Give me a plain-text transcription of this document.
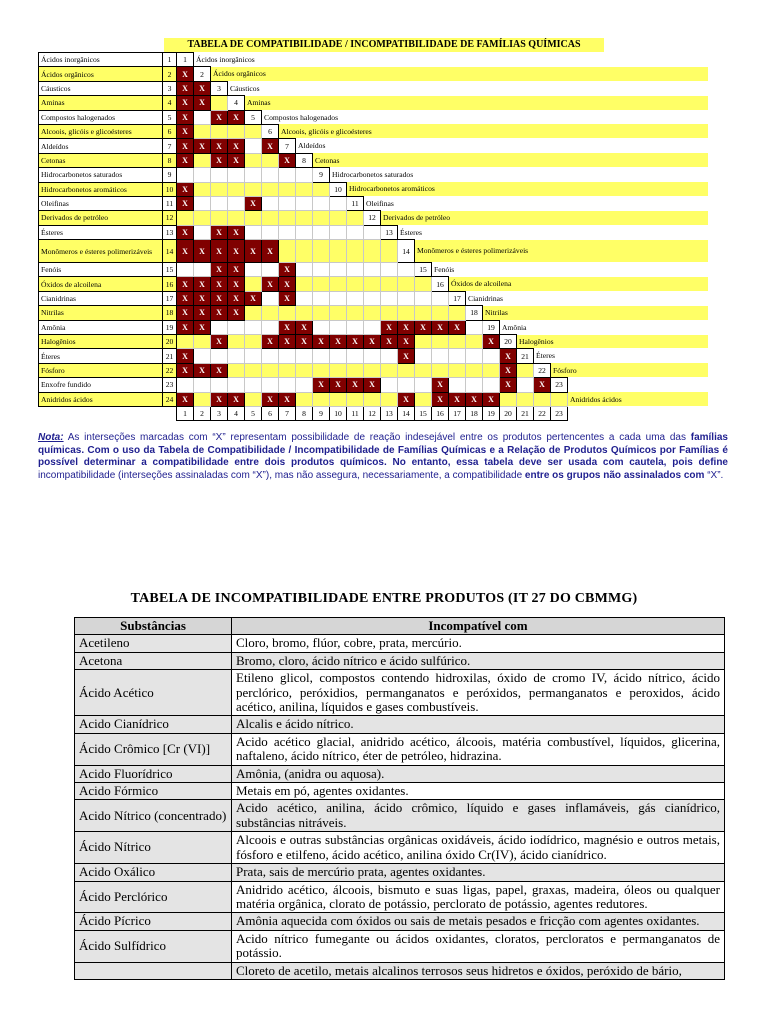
TABELA DE COMPATIBILIDADE / INCOMPATIBILIDADE DE FAMÍLIAS QUÍMICAS
Ácidos inorgânicos	1	1	Ácidos inorgânicos																						
Ácidos orgânicos	2	X	2	Ácidos orgânicos																					
Cáusticos	3	X	X	3	Cáusticos																				
Aminas	4	X	X		4	Aminas																			
Compostos halogenados	5	X		X	X	5	Compostos halogenados																		
Alcoois, glicóis e glicoésteres	6	X					6	Alcoois, glicóis e glicoésteres																	
Aldeídos	7	X	X	X	X		X	7	Aldeídos																
Cetonas	8	X		X	X			X	8	Cetonas															
Hidrocarbonetos saturados	9									9	Hidrocarbonetos saturados														
Hidrocarbonetos aromáticos	10	X									10	Hidrocarbonetos aromáticos													
Oleifinas	11	X				X						11	Oleifinas												
Derivados de petróleo	12												12	Derivados de petróleo											
Ésteres	13	X		X	X									13	Ésteres										
Monômeros e ésteres polimerizáveis	14	X	X	X	X	X	X								14	Monômeros e ésteres polimerizáveis									
Fenóis	15			X	X			X								15	Fenóis								
Óxidos de alcoilena	16	X	X	X	X		X	X									16	Óxidos de alcoilena							
Cianidrinas	17	X	X	X	X	X		X										17	Cianidrinas						
Nitrilas	18	X	X	X	X														18	Nitrilas					
Amônia	19	X	X					X	X					X	X	X	X	X		19	Amônia				
Halogênios	20			X			X	X	X	X	X	X	X	X	X					X	20	Halogênios			
Éteres	21	X													X						X	21	Éteres		
Fósforo	22	X	X	X																	X		22	Fósforo	
Enxofre fundido	23									X	X	X	X				X				X		X	23	
Anidridos ácidos	24	X		X	X		X	X							X		X	X	X	X					Anidridos ácidos
		1	2	3	4	5	6	7	8	9	10	11	12	13	14	15	16	17	18	19	20	21	22	23	
Nota: As interseções marcadas com “X” representam possibilidade de reação indesejável entre os produtos pertencentes a cada uma das famílias químicas. Com o uso da Tabela de Compatibilidade / Incompatibilidade de Famílias Químicas e a Relação de Produtos Químicos por Famílias é possível determinar a compatibilidade entre dois produtos químicos. No entanto, essa tabela deve ser usada com cautela, pois define incompatibilidade (interseções assinaladas com “X”), mas não assegura, necessariamente, a compatibilidade entre os grupos não assinalados com “X”.
TABELA DE INCOMPATIBILIDADE ENTRE PRODUTOS (IT 27 DO CBMMG)
Substâncias	Incompatível com
Acetileno	Cloro, bromo, flúor, cobre, prata, mercúrio.
Acetona	Bromo, cloro, ácido nítrico e ácido sulfúrico.
Ácido Acético	Etileno glicol, compostos contendo hidroxilas, óxido de cromo IV, ácido nítrico, ácido perclórico, peróxidios, permanganatos e peróxidos, permanganatos e peroxidos, ácido acético, anilina, líquidos e gases combustíveis.
Acido Cianídrico	Alcalis e ácido nítrico.
Ácido Crômico [Cr (VI)]	Acido acético glacial, anidrido acético, álcoois, matéria combustível, líquidos, glicerina, naftaleno, ácido nítrico, éter de petróleo, hidrazina.
Acido Fluorídrico	Amônia, (anidra ou aquosa).
Acido Fórmico	Metais em pó, agentes oxidantes.
Acido Nítrico (concentrado)	Acido acético, anilina, ácido crômico, líquido e gases inflamáveis, gás cianídrico, substâncias nitráveis.
Ácido Nítrico	Alcoois e outras substâncias orgânicas oxidáveis, ácido iodídrico, magnésio e outros metais, fósforo e etilfeno, ácido acético, anilina óxido Cr(IV), ácido cianídrico.
Acido Oxálico	Prata, sais de mercúrio prata, agentes oxidantes.
Ácido Perclórico	Anidrido acético, álcoois, bismuto e suas ligas, papel, graxas, madeira, óleos ou qualquer matéria orgânica, clorato de potássio, perclorato de potássio, agentes redutores.
Ácido Pícrico	Amônia aquecida com óxidos ou sais de metais pesados e fricção com agentes oxidantes.
Ácido Sulfídrico	Acido nítrico fumegante ou ácidos oxidantes, cloratos, percloratos e permanganatos de potássio.
	Cloreto de acetilo, metais alcalinos terrosos seus hidretos e óxidos, peróxido de bário,
